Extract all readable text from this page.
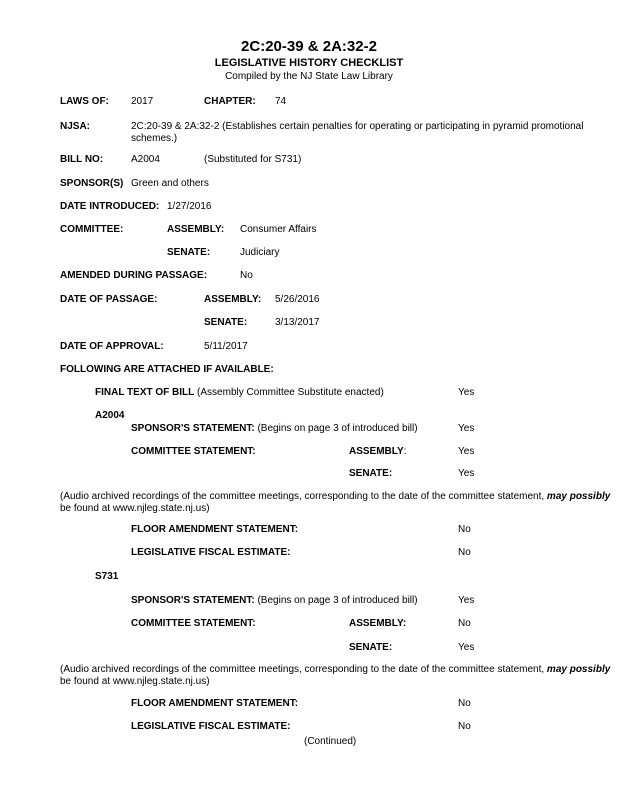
2C:20-39 & 2A:32-2
LEGISLATIVE HISTORY CHECKLIST
Compiled by the NJ State Law Library
LAWS OF: 2017	CHAPTER: 74
NJSA:	2C:20-39 & 2A:32-2 (Establishes certain penalties for operating or participating in pyramid promotional
schemes.)
BILL NO:	A2004	(Substituted for S731)
SPONSOR(S) Green and others
DATE INTRODUCED: 1/27/2016
COMMITTEE:	ASSEMBLY: Consumer Affairs
SENATE:	Judiciary
AMENDED DURING PASSAGE:	No
DATE OF PASSAGE:	ASSEMBLY: 5/26/2016
SENATE:	3/13/2017
DATE OF APPROVAL:	5/11/2017
FOLLOWING ARE ATTACHED IF AVAILABLE:
FINAL TEXT OF BILL (Assembly Committee Substitute enacted)	Yes
A2004
SPONSOR'S STATEMENT: (Begins on page 3 of introduced bill)	Yes
COMMITTEE STATEMENT:	ASSEMBLY:	Yes
SENATE:	Yes
(Audio archived recordings of the committee meetings, corresponding to the date of the committee statement, may possibly
be found at www.njleg.state.nj.us)
FLOOR AMENDMENT STATEMENT:	No
LEGISLATIVE FISCAL ESTIMATE:	No
S731
SPONSOR'S STATEMENT: (Begins on page 3 of introduced bill)	Yes
COMMITTEE STATEMENT:	ASSEMBLY:	No
SENATE:	Yes
(Audio archived recordings of the committee meetings, corresponding to the date of the committee statement, may possibly
be found at www.njleg.state.nj.us)
FLOOR AMENDMENT STATEMENT:	No
LEGISLATIVE FISCAL ESTIMATE:	No
(Continued)
